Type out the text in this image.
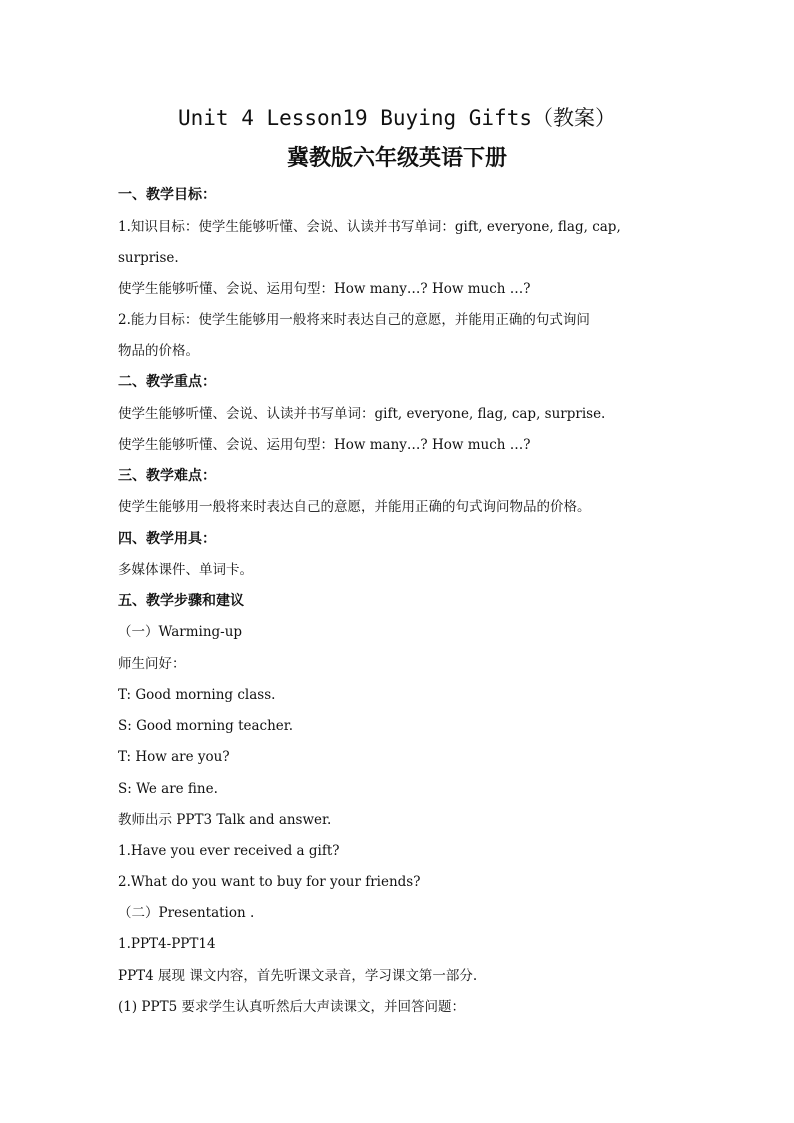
Unit 4 Lesson19 Buying Gifts（教案）
冀教版六年级英语下册
一、教学目标：
1.知识目标：使学生能够听懂、会说、认读并书写单词：gift, everyone, flag, cap,
surprise.
使学生能够听懂、会说、运用句型：How many…? How much …?
2.能力目标：使学生能够用一般将来时表达自己的意愿，并能用正确的句式询问
物品的价格。
二、教学重点：
使学生能够听懂、会说、认读并书写单词：gift, everyone, flag, cap, surprise.
使学生能够听懂、会说、运用句型：How many…? How much …?
三、教学难点：
使学生能够用一般将来时表达自己的意愿，并能用正确的句式询问物品的价格。
四、教学用具：
多媒体课件、单词卡。
五、教学步骤和建议
（一）Warming-up
师生问好：
T: Good morning class.
S: Good morning teacher.
T: How are you?
S: We are fine.
教师出示 PPT3 Talk and answer.
1.Have you ever received a gift?
2.What do you want to buy for your friends?
（二）Presentation .
1.PPT4-PPT14
PPT4 展现 课文内容，首先听课文录音，学习课文第一部分.
(1) PPT5 要求学生认真听然后大声读课文，并回答问题：
